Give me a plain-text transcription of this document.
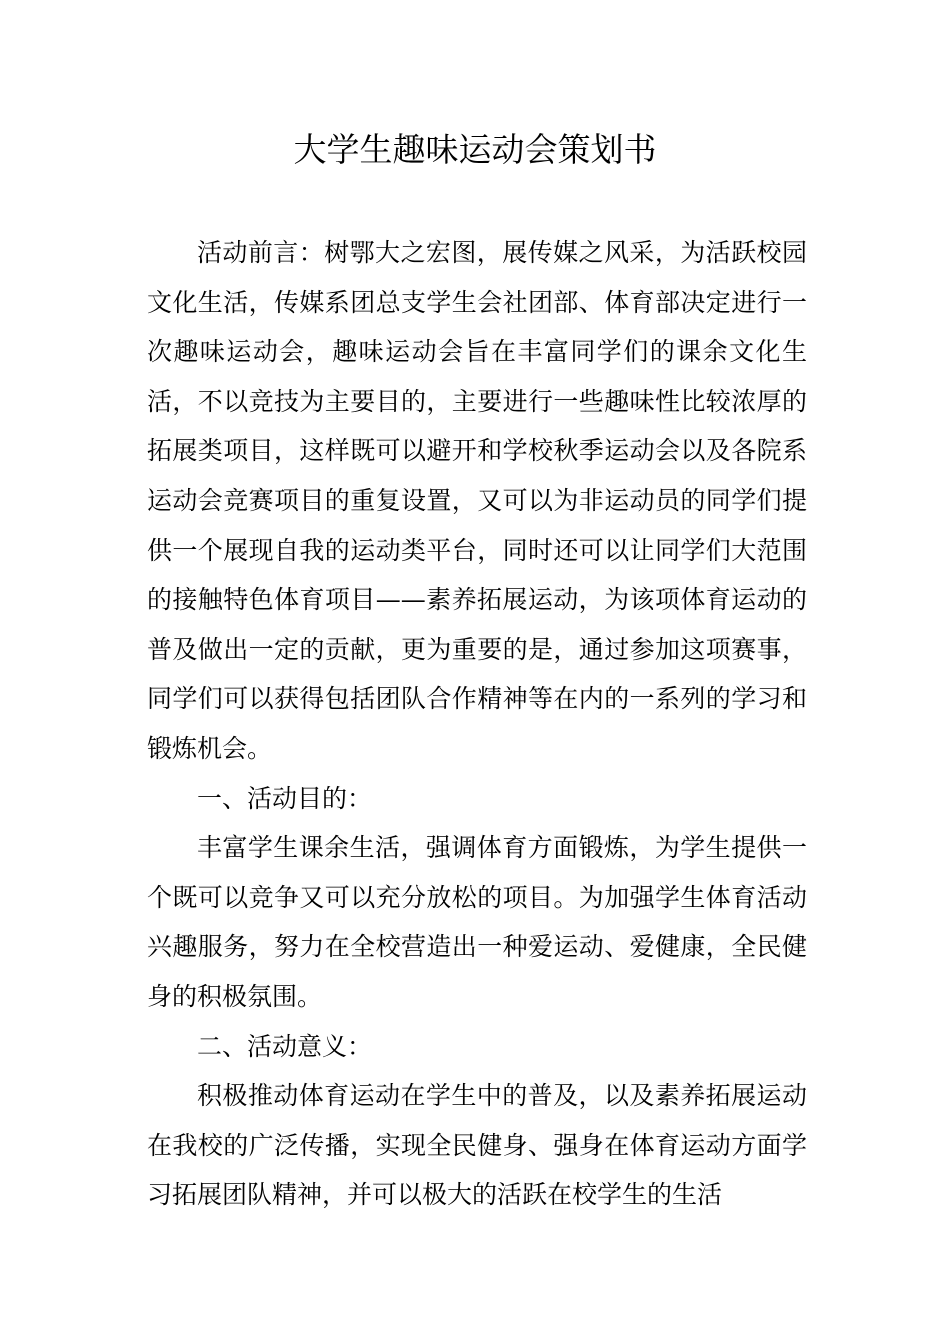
大学生趣味运动会策划书

活动前言：树鄂大之宏图，展传媒之风采，为活跃校园文化生活，传媒系团总支学生会社团部、体育部决定进行一次趣味运动会，趣味运动会旨在丰富同学们的课余文化生活，不以竞技为主要目的，主要进行一些趣味性比较浓厚的拓展类项目，这样既可以避开和学校秋季运动会以及各院系运动会竞赛项目的重复设置，又可以为非运动员的同学们提供一个展现自我的运动类平台，同时还可以让同学们大范围的接触特色体育项目——素养拓展运动，为该项体育运动的普及做出一定的贡献，更为重要的是，通过参加这项赛事，同学们可以获得包括团队合作精神等在内的一系列的学习和锻炼机会。

一、活动目的：

丰富学生课余生活，强调体育方面锻炼，为学生提供一个既可以竞争又可以充分放松的项目。为加强学生体育活动兴趣服务，努力在全校营造出一种爱运动、爱健康，全民健身的积极氛围。

二、活动意义：

积极推动体育运动在学生中的普及，以及素养拓展运动在我校的广泛传播，实现全民健身、强身在体育运动方面学习拓展团队精神，并可以极大的活跃在校学生的生活
